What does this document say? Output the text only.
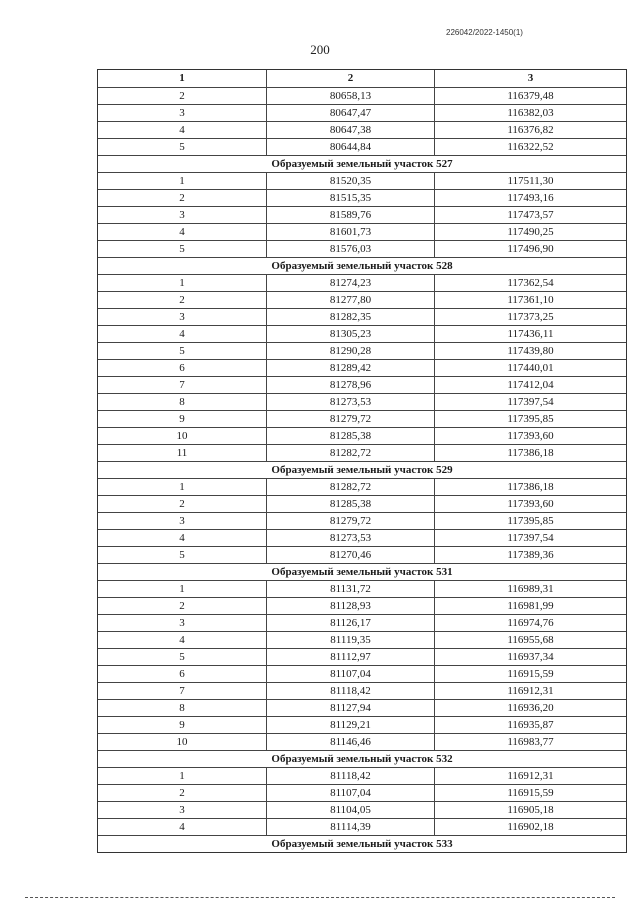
226042/2022-1450(1)
200
1	2	3
2	80658,13	116379,48
3	80647,47	116382,03
4	80647,38	116376,82
5	80644,84	116322,52
Образуемый земельный участок 527
1	81520,35	117511,30
2	81515,35	117493,16
3	81589,76	117473,57
4	81601,73	117490,25
5	81576,03	117496,90
Образуемый земельный участок 528
1	81274,23	117362,54
2	81277,80	117361,10
3	81282,35	117373,25
4	81305,23	117436,11
5	81290,28	117439,80
6	81289,42	117440,01
7	81278,96	117412,04
8	81273,53	117397,54
9	81279,72	117395,85
10	81285,38	117393,60
11	81282,72	117386,18
Образуемый земельный участок 529
1	81282,72	117386,18
2	81285,38	117393,60
3	81279,72	117395,85
4	81273,53	117397,54
5	81270,46	117389,36
Образуемый земельный участок 531
1	81131,72	116989,31
2	81128,93	116981,99
3	81126,17	116974,76
4	81119,35	116955,68
5	81112,97	116937,34
6	81107,04	116915,59
7	81118,42	116912,31
8	81127,94	116936,20
9	81129,21	116935,87
10	81146,46	116983,77
Образуемый земельный участок 532
1	81118,42	116912,31
2	81107,04	116915,59
3	81104,05	116905,18
4	81114,39	116902,18
Образуемый земельный участок 533
